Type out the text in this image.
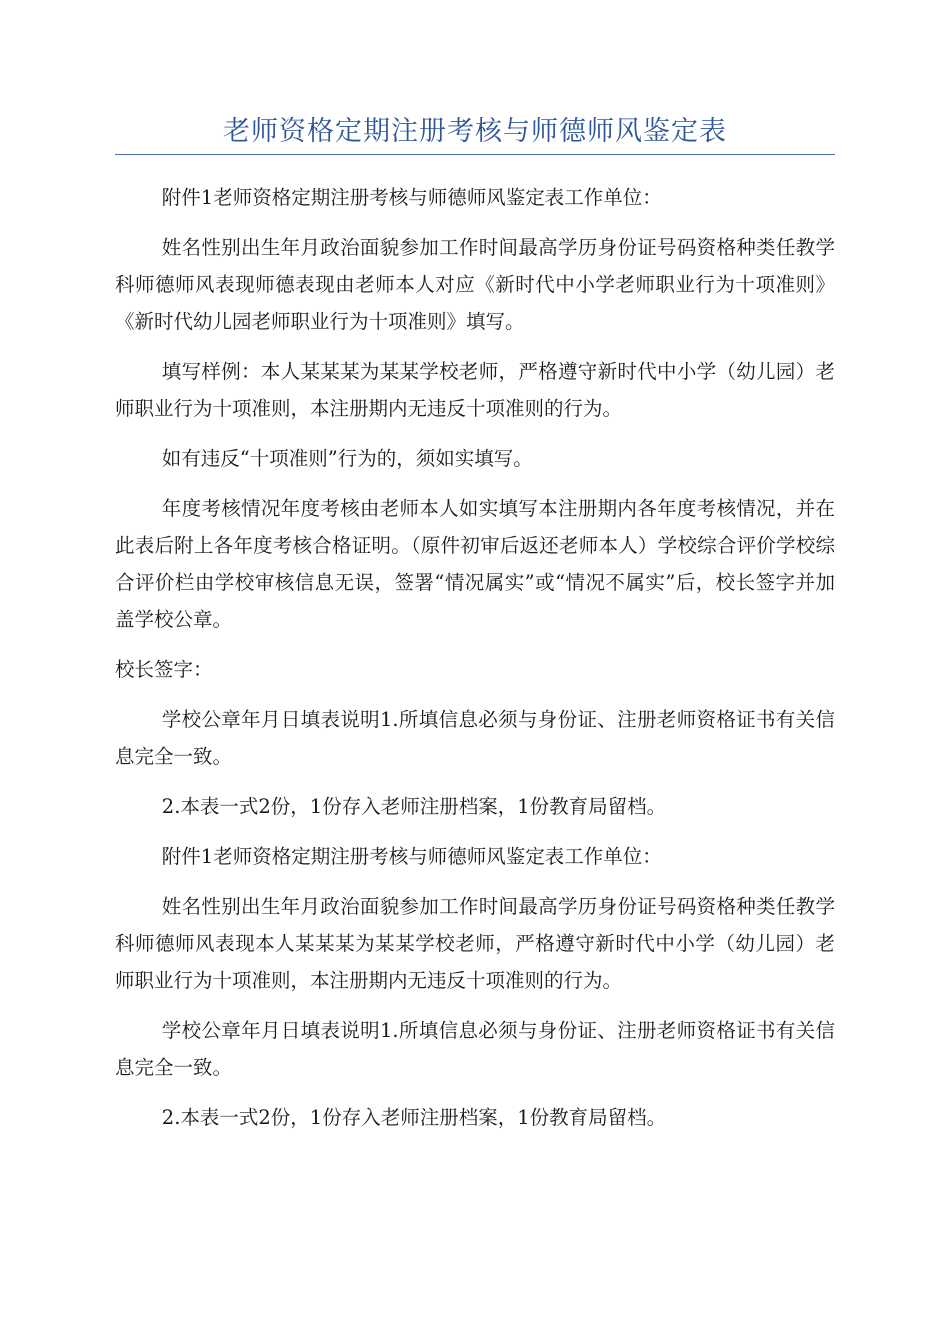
老师资格定期注册考核与师德师风鉴定表

附件1老师资格定期注册考核与师德师风鉴定表工作单位：

姓名性别出生年月政治面貌参加工作时间最高学历身份证号码资格种类任教学科师德师风表现师德表现由老师本人对应《新时代中小学老师职业行为十项准则》《新时代幼儿园老师职业行为十项准则》填写。

填写样例：本人某某某为某某学校老师，严格遵守新时代中小学（幼儿园）老师职业行为十项准则，本注册期内无违反十项准则的行为。

如有违反“十项准则”行为的，须如实填写。

年度考核情况年度考核由老师本人如实填写本注册期内各年度考核情况，并在此表后附上各年度考核合格证明。（原件初审后返还老师本人）学校综合评价学校综合评价栏由学校审核信息无误，签署“情况属实”或“情况不属实”后，校长签字并加盖学校公章。

校长签字：

学校公章年月日填表说明1.所填信息必须与身份证、注册老师资格证书有关信息完全一致。

2.本表一式2份，1份存入老师注册档案，1份教育局留档。

附件1老师资格定期注册考核与师德师风鉴定表工作单位：

姓名性别出生年月政治面貌参加工作时间最高学历身份证号码资格种类任教学科师德师风表现本人某某某为某某学校老师，严格遵守新时代中小学（幼儿园）老师职业行为十项准则，本注册期内无违反十项准则的行为。

学校公章年月日填表说明1.所填信息必须与身份证、注册老师资格证书有关信息完全一致。

2.本表一式2份，1份存入老师注册档案，1份教育局留档。
